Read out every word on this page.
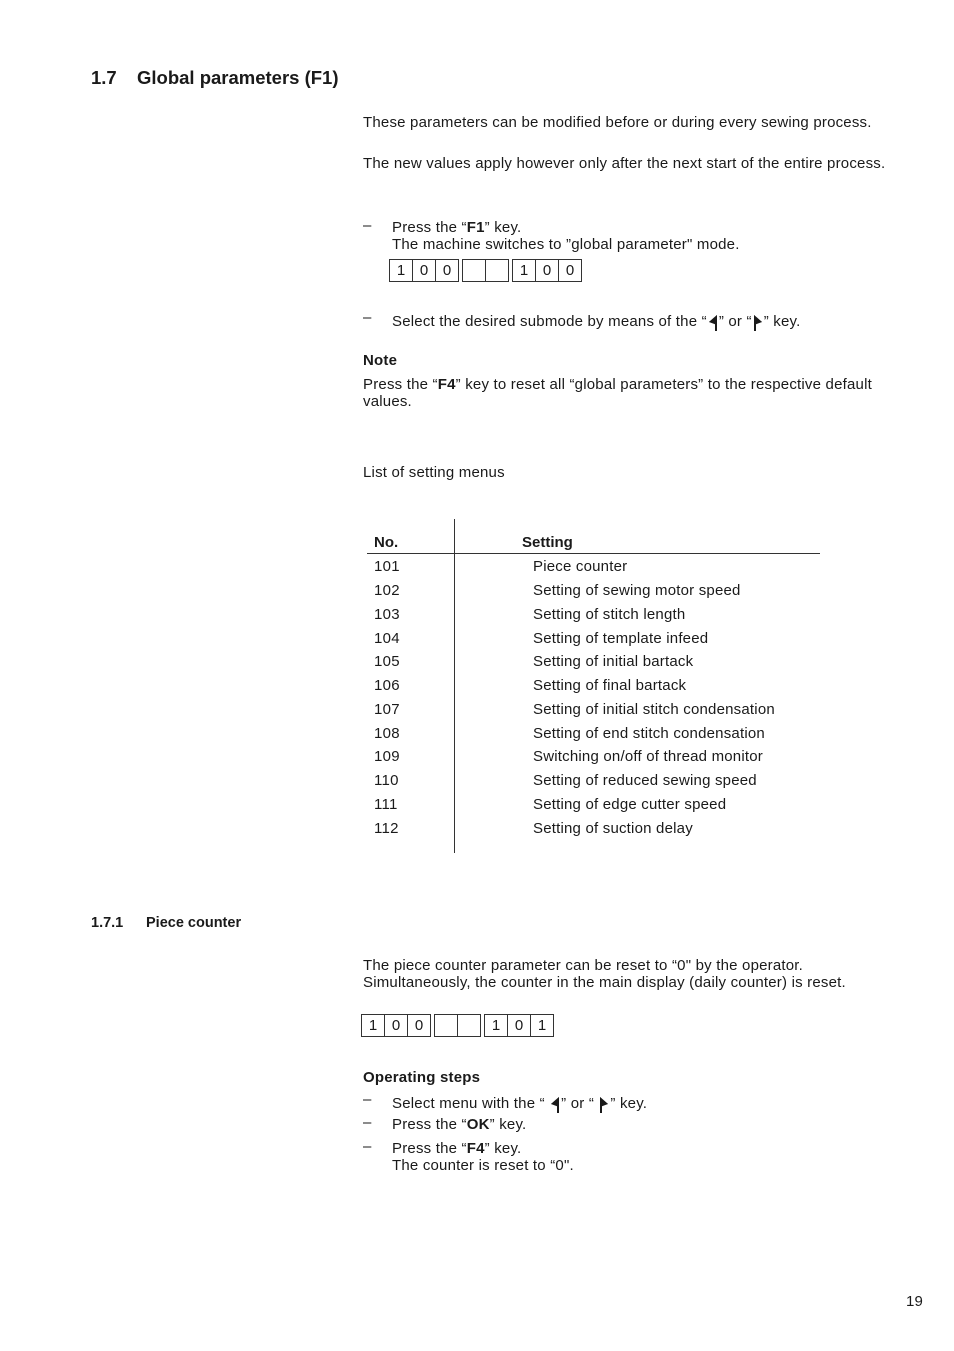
1.7 Global parameters (F1)
These parameters can be modified before or during every sewing process.
The new values apply however only after the next start of the entire process.
– Press the “F1” key.
The machine switches to ”global parameter" mode.
1 0 0	1 0 0
– Select the desired submode by means of the “ ” or “ ” key.
Note
Press the “F4” key to reset all “global parameters” to the respective default values.
List of setting menus
No.	Setting
101	Piece counter
102	Setting of sewing motor speed
103	Setting of stitch length
104	Setting of template infeed
105	Setting of initial bartack
106	Setting of final bartack
107	Setting of initial stitch condensation
108	Setting of end stitch condensation
109	Switching on/off of thread monitor
110	Setting of reduced sewing speed
111	Setting of edge cutter speed
112	Setting of suction delay
1.7.1 Piece counter
The piece counter parameter can be reset to “0" by the operator.
Simultaneously, the counter in the main display (daily counter) is reset.
1 0 0	1 0 1
Operating steps
– Select menu with the “ ” or “ ” key.
– Press the “OK” key.
– Press the “F4” key.
The counter is reset to “0".
19
